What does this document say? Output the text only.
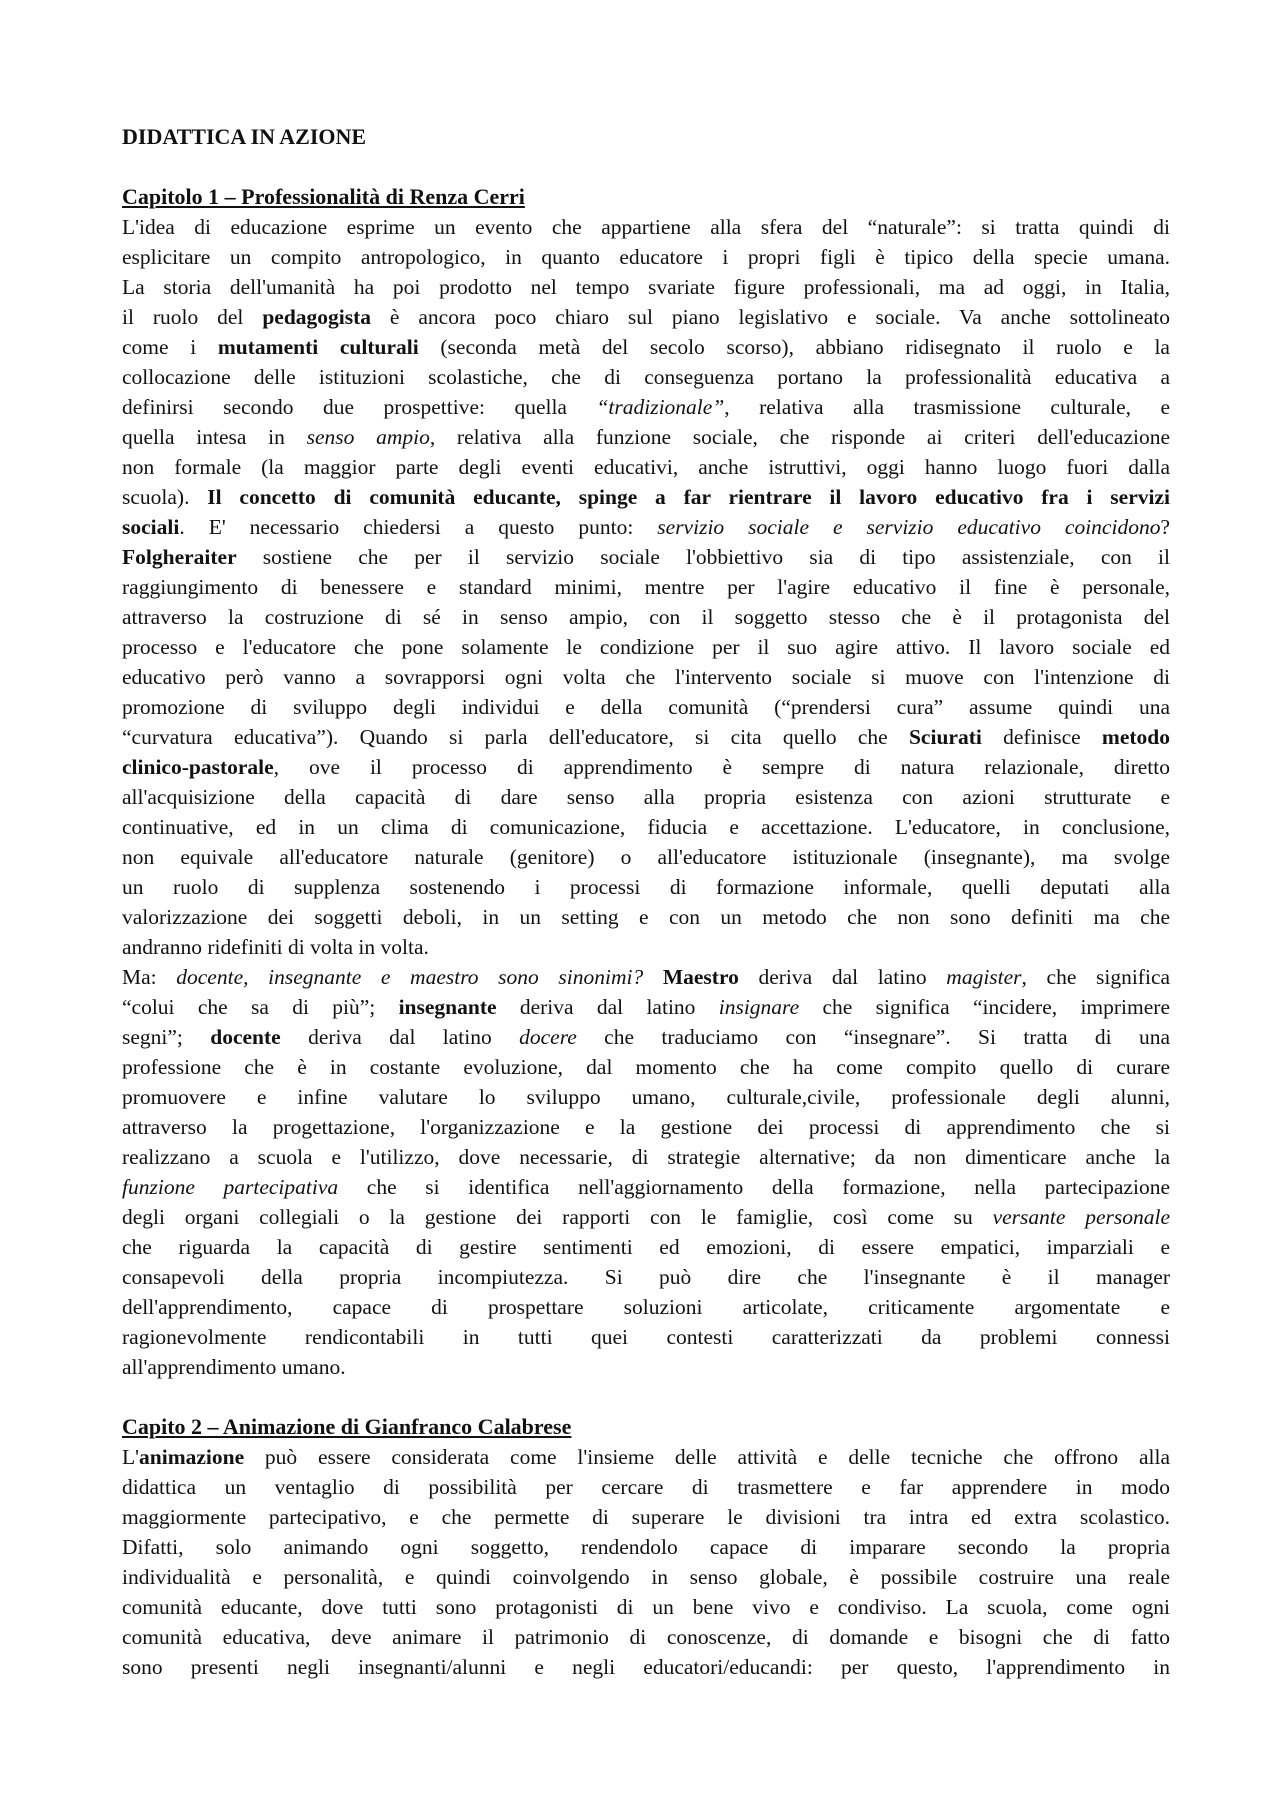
DIDATTICA IN AZIONE
Capitolo 1 – Professionalità di Renza Cerri
L'idea di educazione esprime un evento che appartiene alla sfera del “naturale”: si tratta quindi di
esplicitare un compito antropologico, in quanto educatore i propri figli è tipico della specie umana.
La storia dell'umanità ha poi prodotto nel tempo svariate figure professionali, ma ad oggi, in Italia,
il ruolo del pedagogista è ancora poco chiaro sul piano legislativo e sociale. Va anche sottolineato
come i mutamenti culturali (seconda metà del secolo scorso), abbiano ridisegnato il ruolo e la
collocazione delle istituzioni scolastiche, che di conseguenza portano la professionalità educativa a
definirsi secondo due prospettive: quella “tradizionale”, relativa alla trasmissione culturale, e
quella intesa in senso ampio, relativa alla funzione sociale, che risponde ai criteri dell'educazione
non formale (la maggior parte degli eventi educativi, anche istruttivi, oggi hanno luogo fuori dalla
scuola). Il concetto di comunità educante, spinge a far rientrare il lavoro educativo fra i servizi
sociali. E' necessario chiedersi a questo punto: servizio sociale e servizio educativo coincidono?
Folgheraiter sostiene che per il servizio sociale l'obbiettivo sia di tipo assistenziale, con il
raggiungimento di benessere e standard minimi, mentre per l'agire educativo il fine è personale,
attraverso la costruzione di sé in senso ampio, con il soggetto stesso che è il protagonista del
processo e l'educatore che pone solamente le condizione per il suo agire attivo. Il lavoro sociale ed
educativo però vanno a sovrapporsi ogni volta che l'intervento sociale si muove con l'intenzione di
promozione di sviluppo degli individui e della comunità (“prendersi cura” assume quindi una
“curvatura educativa”). Quando si parla dell'educatore, si cita quello che Sciurati definisce metodo
clinico-pastorale, ove il processo di apprendimento è sempre di natura relazionale, diretto
all'acquisizione della capacità di dare senso alla propria esistenza con azioni strutturate e
continuative, ed in un clima di comunicazione, fiducia e accettazione. L'educatore, in conclusione,
non equivale all'educatore naturale (genitore) o all'educatore istituzionale (insegnante), ma svolge
un ruolo di supplenza sostenendo i processi di formazione informale, quelli deputati alla
valorizzazione dei soggetti deboli, in un setting e con un metodo che non sono definiti ma che
andranno ridefiniti di volta in volta.
Ma: docente, insegnante e maestro sono sinonimi? Maestro deriva dal latino magister, che significa
“colui che sa di più”; insegnante deriva dal latino insignare che significa “incidere, imprimere
segni”; docente deriva dal latino docere che traduciamo con “insegnare”. Si tratta di una
professione che è in costante evoluzione, dal momento che ha come compito quello di curare
promuovere e infine valutare lo sviluppo umano, culturale,civile, professionale degli alunni,
attraverso la progettazione, l'organizzazione e la gestione dei processi di apprendimento che si
realizzano a scuola e l'utilizzo, dove necessarie, di strategie alternative; da non dimenticare anche la
funzione partecipativa che si identifica nell'aggiornamento della formazione, nella partecipazione
degli organi collegiali o la gestione dei rapporti con le famiglie, così come su versante personale
che riguarda la capacità di gestire sentimenti ed emozioni, di essere empatici, imparziali e
consapevoli della propria incompiutezza. Si può dire che l'insegnante è il manager
dell'apprendimento, capace di prospettare soluzioni articolate, criticamente argomentate e
ragionevolmente rendicontabili in tutti quei contesti caratterizzati da problemi connessi
all'apprendimento umano.
Capito 2 – Animazione di Gianfranco Calabrese
L'animazione può essere considerata come l'insieme delle attività e delle tecniche che offrono alla
didattica un ventaglio di possibilità per cercare di trasmettere e far apprendere in modo
maggiormente partecipativo, e che permette di superare le divisioni tra intra ed extra scolastico.
Difatti, solo animando ogni soggetto, rendendolo capace di imparare secondo la propria
individualità e personalità, e quindi coinvolgendo in senso globale, è possibile costruire una reale
comunità educante, dove tutti sono protagonisti di un bene vivo e condiviso. La scuola, come ogni
comunità educativa, deve animare il patrimonio di conoscenze, di domande e bisogni che di fatto
sono presenti negli insegnanti/alunni e negli educatori/educandi: per questo, l'apprendimento in
